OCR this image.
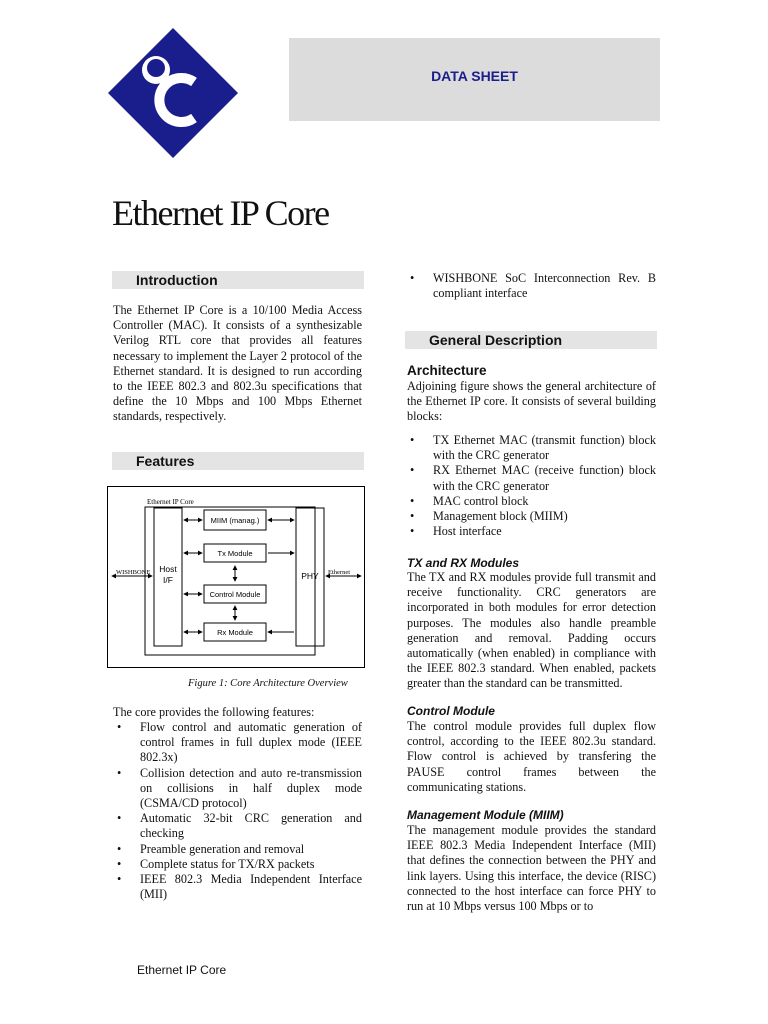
DATA SHEET
Ethernet IP Core
Introduction
The Ethernet IP Core is a 10/100 Media Access Controller (MAC). It consists of a synthesizable Verilog RTL core that provides all features necessary to implement the Layer 2 protocol of the Ethernet standard. It is designed to run according to the IEEE 802.3 and 802.3u specifications that define the 10 Mbps and 100 Mbps Ethernet standards, respectively.
Features
Ethernet IP Core
Host
I/F	PHY
MIIM (manag.)
Tx Module
Control Module
Rx Module
WISHBONE	Ethernet
Figure 1: Core Architecture Overview
The core provides the following features:
• Flow control and automatic generation of control frames in full duplex mode (IEEE 802.3x)
• Collision detection and auto re-transmission on collisions in half duplex mode (CSMA/CD protocol)
• Automatic 32-bit CRC generation and checking
• Preamble generation and removal
• Complete status for TX/RX packets
• IEEE 802.3 Media Independent Interface (MII)
• WISHBONE SoC Interconnection Rev. B compliant interface
General Description
Architecture
Adjoining figure shows the general architecture of the Ethernet IP core. It consists of several building blocks:
• TX Ethernet MAC (transmit function) block with the CRC generator
• RX Ethernet MAC (receive function) block with the CRC generator
• MAC control block
• Management block (MIIM)
• Host interface
TX and RX Modules
The TX and RX modules provide full transmit and receive functionality. CRC generators are incorporated in both modules for error detection purposes. The modules also handle preamble generation and removal. Padding occurs automatically (when enabled) in compliance with the IEEE 802.3 standard. When enabled, packets greater than the standard can be transmitted.
Control Module
The control module provides full duplex flow control, according to the IEEE 802.3u standard. Flow control is achieved by transfering the PAUSE control frames between the communicating stations.
Management Module (MIIM)
The management module provides the standard IEEE 802.3 Media Independent Interface (MII) that defines the connection between the PHY and link layers. Using this interface, the device (RISC) connected to the host interface can force PHY to run at 10 Mbps versus 100 Mbps or to
Ethernet IP Core
